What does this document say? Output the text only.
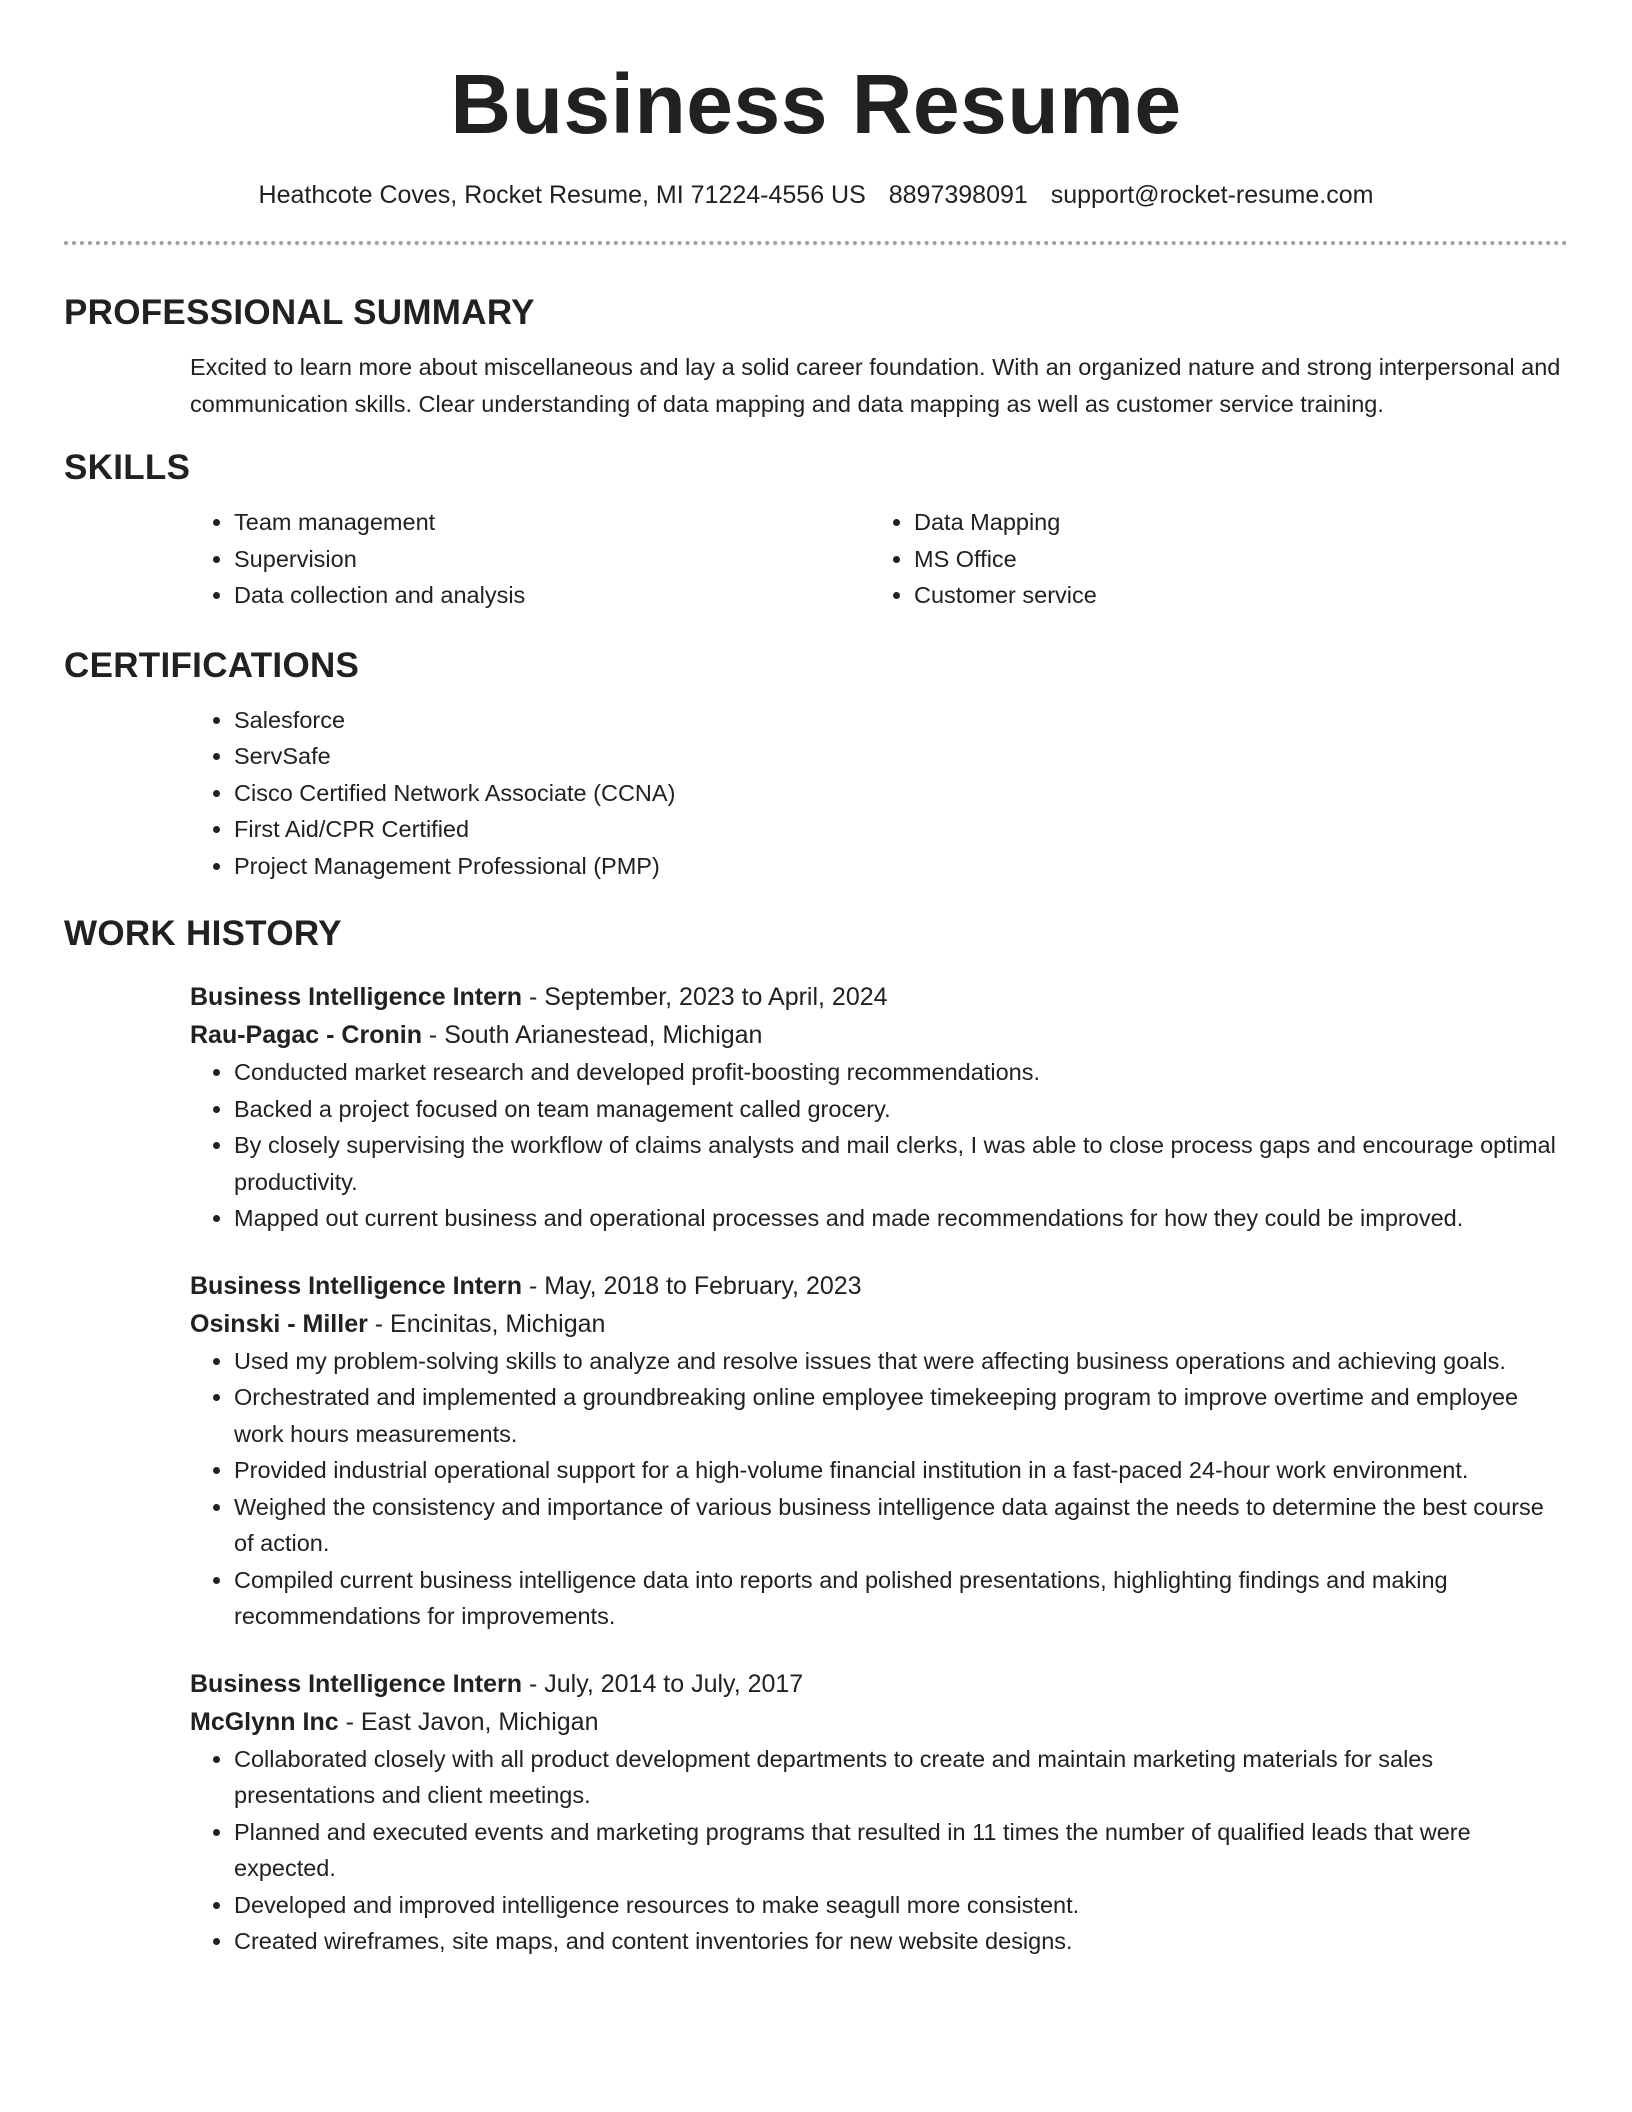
Business Resume
Heathcote Coves, Rocket Resume, MI 71224-4556 US 8897398091 support@rocket-resume.com
PROFESSIONAL SUMMARY

Excited to learn more about miscellaneous and lay a solid career foundation. With an organized nature and strong interpersonal and communication skills. Clear understanding of data mapping and data mapping as well as customer service training.

SKILLS
• Team management
• Supervision
• Data collection and analysis
• Data Mapping
• MS Office
• Customer service
CERTIFICATIONS
• Salesforce
• ServSafe
• Cisco Certified Network Associate (CCNA)
• First Aid/CPR Certified
• Project Management Professional (PMP)
WORK HISTORY
Business Intelligence Intern - September, 2023 to April, 2024
Rau-Pagac - Cronin - South Arianestead, Michigan
• Conducted market research and developed profit-boosting recommendations.
• Backed a project focused on team management called grocery.
• By closely supervising the workflow of claims analysts and mail clerks, I was able to close process gaps and encourage optimal productivity.
• Mapped out current business and operational processes and made recommendations for how they could be improved.
Business Intelligence Intern - May, 2018 to February, 2023
Osinski - Miller - Encinitas, Michigan
• Used my problem-solving skills to analyze and resolve issues that were affecting business operations and achieving goals.
• Orchestrated and implemented a groundbreaking online employee timekeeping program to improve overtime and employee work hours measurements.
• Provided industrial operational support for a high-volume financial institution in a fast-paced 24-hour work environment.
• Weighed the consistency and importance of various business intelligence data against the needs to determine the best course of action.
• Compiled current business intelligence data into reports and polished presentations, highlighting findings and making recommendations for improvements.
Business Intelligence Intern - July, 2014 to July, 2017
McGlynn Inc - East Javon, Michigan
• Collaborated closely with all product development departments to create and maintain marketing materials for sales presentations and client meetings.
• Planned and executed events and marketing programs that resulted in 11 times the number of qualified leads that were expected.
• Developed and improved intelligence resources to make seagull more consistent.
• Created wireframes, site maps, and content inventories for new website designs.
